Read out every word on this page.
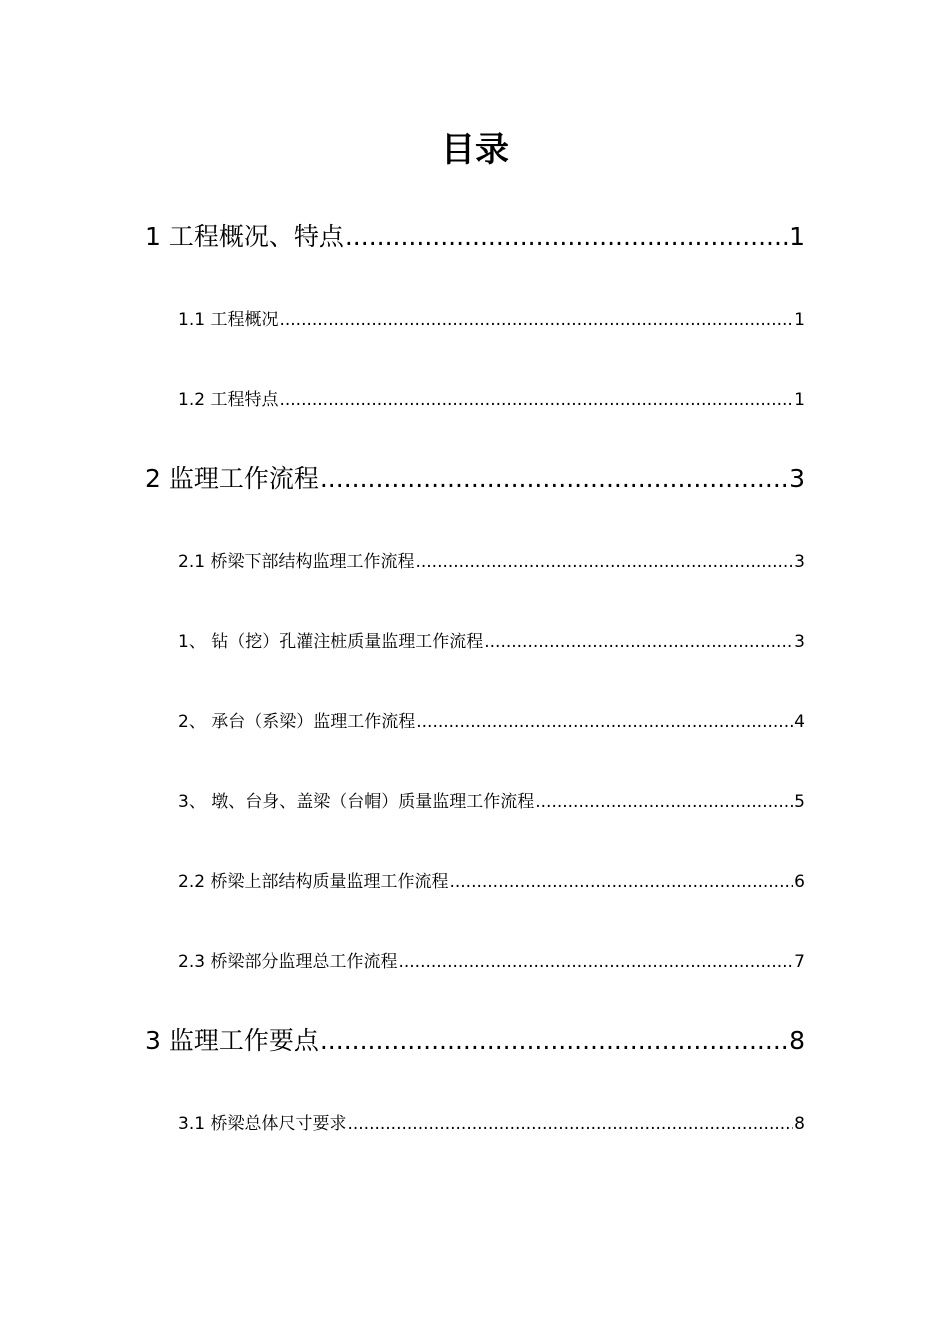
目录
1 工程概况、特点 .....	1
1.1 工程概况 .....	1
1.2 工程特点 .....	1
2 监理工作流程 .....	3
2.1 桥梁下部结构监理工作流程 .....	3
1、 钻（挖）孔灌注桩质量监理工作流程 .....	3
2、 承台（系梁）监理工作流程 .....	4
3、 墩、台身、盖梁（台帽）质量监理工作流程 .....	5
2.2 桥梁上部结构质量监理工作流程 .....	6
2.3 桥梁部分监理总工作流程 .....	7
3 监理工作要点 .....	8
3.1 桥梁总体尺寸要求 .....	8
